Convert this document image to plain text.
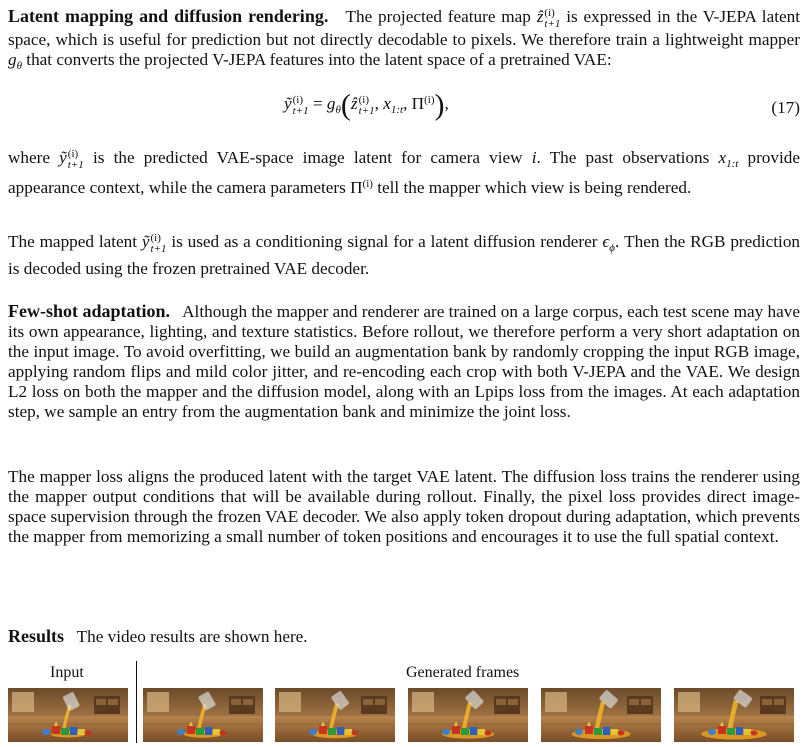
Latent mapping and diffusion rendering. The projected feature map ẑ (i)
t+1 is expressed in the V-JEPA latent space, which is useful for prediction but not directly decodable to pixels. We therefore train a lightweight mapper $g_\theta$ that converts the projected V-JEPA features into the latent space of a pretrained VAE:

ỹ (i)
$t+1 = g_\theta(ẑ$ (i)
t+1 , $x_{1:t}$, $\Pi^{(i)}$),	(17)

where ỹ (i)
t+1 is the predicted VAE-space image latent for camera view i. The past observations $x_{1:t}$ provide appearance context, while the camera parameters $\Pi^{(i)}$ tell the mapper which view is being rendered.

The mapped latent ỹ (i)
t+1 is used as a conditioning signal for a latent diffusion renderer $\epsilon_\phi$. Then the RGB prediction is decoded using the frozen pretrained VAE decoder.

Few-shot adaptation. Although the mapper and renderer are trained on a large corpus, each test scene may have its own appearance, lighting, and texture statistics. Before rollout, we therefore perform a very short adaptation on the input image. To avoid overfitting, we build an augmentation bank by randomly cropping the input RGB image, applying random flips and mild color jitter, and re-encoding each crop with both V-JEPA and the VAE. We design L2 loss on both the mapper and the diffusion model, along with an Lpips loss from the images. At each adaptation step, we sample an entry from the augmentation bank and minimize the joint loss.

The mapper loss aligns the produced latent with the target VAE latent. The diffusion loss trains the renderer using the mapper output conditions that will be available during rollout. Finally, the pixel loss provides direct image-space supervision through the frozen VAE decoder. We also apply token dropout during adaptation, which prevents the mapper from memorizing a small number of token positions and encourages it to use the full spatial context.

Results The video results are shown here.
Input	Generated frames
